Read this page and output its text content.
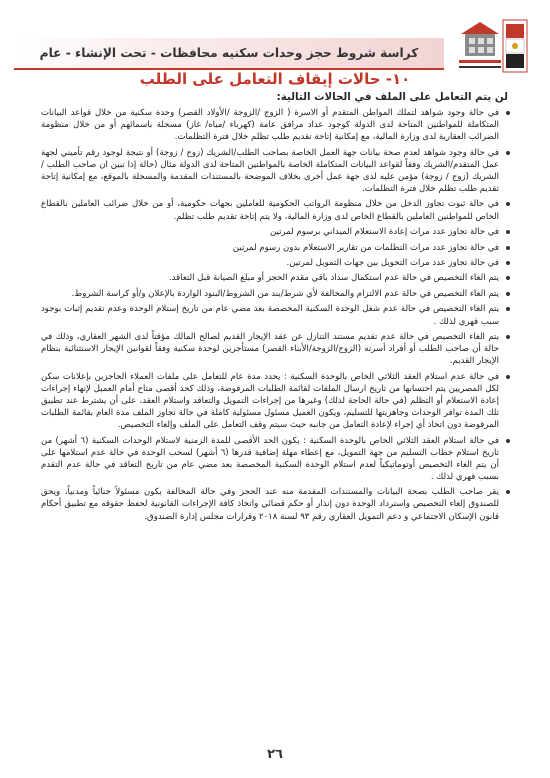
كراسة شروط حجز وحدات سكنيه محافظات - تحت الإنشاء - عام
١٠- حالات إيقاف التعامل على الطلب
لن يتم التعامل على الملف في الحالات التالية:
في حالة وجود شواهد لتملك المواطن المتقدم أو الاسرة ( الزوج /الزوجة /الأولاد القصر) وحدة سكنية من خلال قواعد البيانات المتكاملة للمواطنين المتاحة لدى الدولة كوجود عداد مرافق عامة (كهرباء /مياه/ غاز) مسجلة باسمائهم أو من خلال منظومة الضرائب العقارية لدى وزارة المالية، مع إمكانية إتاحة تقديم طلب تظلم خلال فترة التظلمات.
في حالة وجود شواهد لعدم صحة بيانات جهة العمل الخاصة بصاحب الطلب/الشريك (زوج / زوجة) أو نتيجة لوجود رقم تأميني لجهة عمل المتقدم/الشريك وفقاً لقواعد البيانات المتكاملة الخاصة بالمواطنين المتاحة لدى الدولة مثال (حالة إذا تبين ان صاحب الطلب / الشريك (زوج / زوجة) مؤمن عليه لدى جهة عمل أخرى بخلاف الموضحة بالمستندات المقدمة والمسجلة بالموقع، مع إمكانية إتاحة تقديم طلب تظلم خلال فترة التظلمات.
في حالة ثبوت تجاوز الدخل من خلال منظومة الرواتب الحكومية للعاملين بجهات حكومية، أو من خلال ضرائب العاملين بالقطاع الخاص للمواطنين العاملين بالقطاع الخاص لدى وزارة المالية، ولا يتم إتاحة تقديم طلب تظلم.
في حالة تجاوز عدد مرات إعادة الاستعلام الميداني برسوم لمرتين
في حالة تجاوز عدد مرات التظلمات من تقارير الاستعلام بدون رسوم لمرتين
في حالة تجاوز عدد مرات التحويل بين جهات التمويل لمرتين.
يتم الغاء التخصيص في حالة عدم استكمال سداد باقي مقدم الحجز أو مبلغ الصيانة قبل التعاقد.
يتم الغاء التخصيص في حالة عدم الالتزام والمخالفة لأي شرط/بند من الشروط/البنود الواردة بالإعلان و/أو كراسة الشروط.
يتم الغاء التخصيص في حالة عدم شغل الوحدة السكنية المخصصة بعد مضي عام من تاريخ إستلام الوحدة وعدم تقديم إثبات بوجود سبب قهري لذلك .
يتم الغاء التخصيص في حالة عدم تقديم مستند التنازل عن عقد الإيجار القديم لصالح المالك مؤقتاً لدى الشهر العقاري، وذلك في حالة أن صاحب الطلب أو أفراد أسرته (الزوج/الزوجة/الأبناء القصر) مستأجرين لوحدة سكنية وفقاً لقوانين الإيجار الاستثنائية بنظام الإيجار القديم.
في حالة عدم استلام العقد الثلاثي الخاص بالوحدة السكنية : يحدد مدة عام للتعامل على ملفات العملاء الحاجزين بإعلانات سكن لكل المصريين يتم احتسابها من تاريخ ارسال الملفات لقائمة الطلبات المرفوضة، وذلك كحد أقصى متاح أمام العميل لإنهاء إجراءات إعادة الاستعلام أو التظلم (في حالة الحاجة لذلك) وغيرها من إجراءات التمويل والتعاقد واستلام العقد، على أن يشترط عند تطبيق تلك المدة توافر الوحدات وجاهزيتها للتسليم، ويكون العميل مسئول مسئولية كاملة في حالة تجاوز الملف مدة العام بقائمة الطلبات المرفوضة دون اتخاذ أي إجراء لإعادة التعامل من جانبه حيث سيتم وقف التعامل على الملف وإلغاء التخصيص.
في حالة استلام العقد الثلاثي الخاص بالوحدة السكنية : يكون الحد الأقصى للمدة الزمنية لاستلام الوحدات السكنية (٦ أشهر) من تاريخ استلام خطاب التسليم من جهة التمويل، مع إعطاء مهلة إضافية قدرها (٦ أشهر) لسحب الوحدة في حالة عدم استلامها على أن يتم الغاء التخصيص أوتوماتيكياً لعدم استلام الوحدة السكنية المخصصة بعد مضي عام من تاريخ التعاقد في حالة عدم التقدم بسبب قهري لذلك .
يقر صاحب الطلب بصحة البيانات والمستندات المقدمة منه عند الحجز وفي حالة المخالفة يكون مسئولاً جنائياً ومدنياً، ويحق للصندوق إلغاء التخصيص واسترداد الوحدة دون إنذار أو حكم قضائي واتخاذ كافة الإجراءات القانونية لحفظ حقوقه مع تطبيق أحكام قانون الإسكان الاجتماعي و دعم التمويل العقاري رقم ٩٣ لسنة ٢٠١٨ وقرارات مجلس إدارة الصندوق.
٢٦
